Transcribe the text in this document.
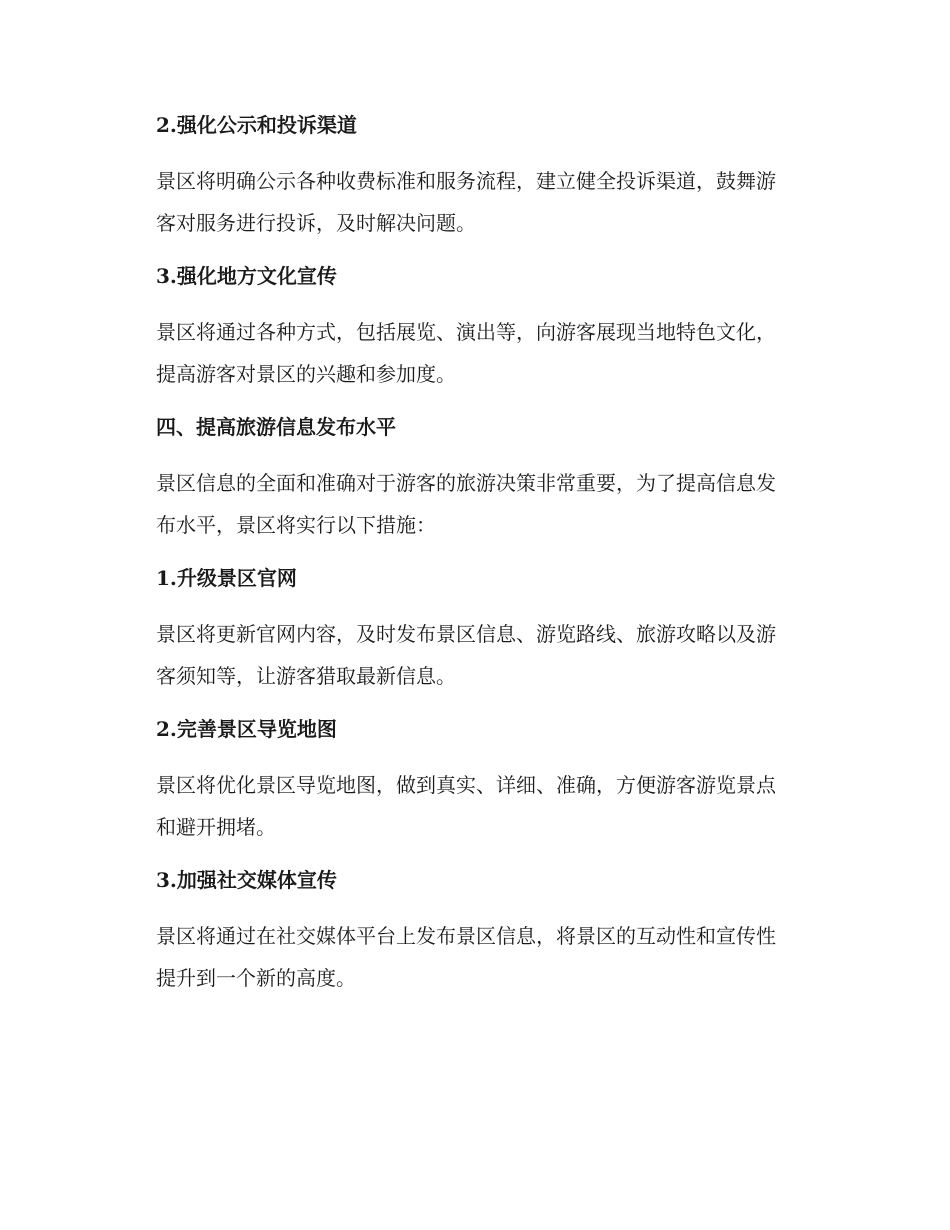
2.强化公示和投诉渠道

景区将明确公示各种收费标准和服务流程，建立健全投诉渠道，鼓舞游
客对服务进行投诉，及时解决问题。

3.强化地方文化宣传

景区将通过各种方式，包括展览、演出等，向游客展现当地特色文化，
提高游客对景区的兴趣和参加度。

四、提高旅游信息发布水平

景区信息的全面和准确对于游客的旅游决策非常重要，为了提高信息发
布水平，景区将实行以下措施：

1.升级景区官网

景区将更新官网内容，及时发布景区信息、游览路线、旅游攻略以及游
客须知等，让游客猎取最新信息。

2.完善景区导览地图

景区将优化景区导览地图，做到真实、详细、准确，方便游客游览景点
和避开拥堵。

3.加强社交媒体宣传

景区将通过在社交媒体平台上发布景区信息，将景区的互动性和宣传性
提升到一个新的高度。
